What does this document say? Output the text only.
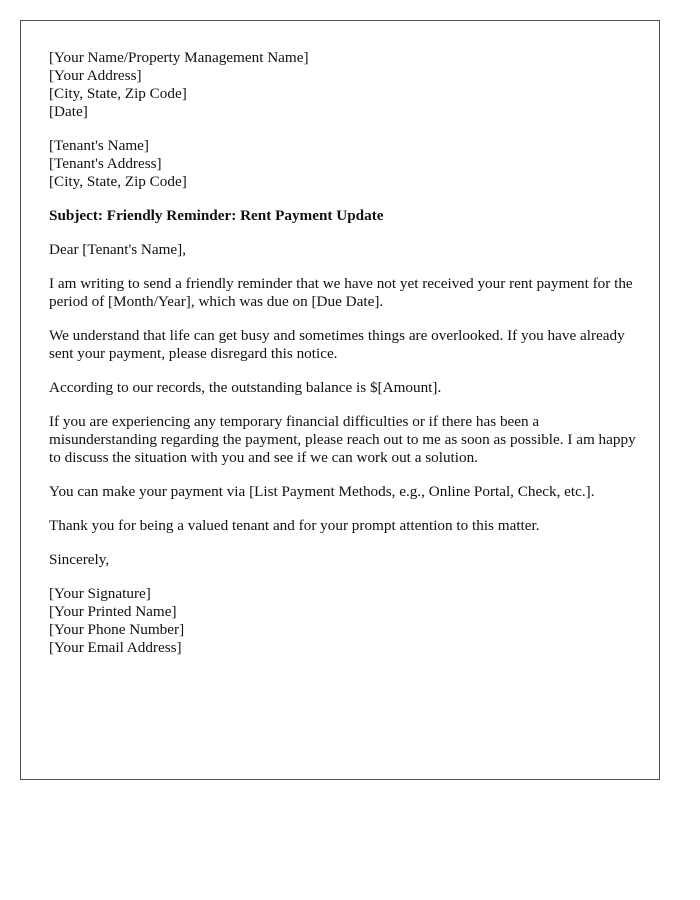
[Your Name/Property Management Name]
[Your Address]
[City, State, Zip Code]
[Date]
[Tenant's Name]
[Tenant's Address]
[City, State, Zip Code]
Subject: Friendly Reminder: Rent Payment Update

Dear [Tenant's Name],

I am writing to send a friendly reminder that we have not yet received your rent payment for the period of [Month/Year], which was due on [Due Date].

We understand that life can get busy and sometimes things are overlooked. If you have already sent your payment, please disregard this notice.

According to our records, the outstanding balance is $[Amount].

If you are experiencing any temporary financial difficulties or if there has been a misunderstanding regarding the payment, please reach out to me as soon as possible. I am happy to discuss the situation with you and see if we can work out a solution.

You can make your payment via [List Payment Methods, e.g., Online Portal, Check, etc.].

Thank you for being a valued tenant and for your prompt attention to this matter.

Sincerely,

[Your Signature]
[Your Printed Name]
[Your Phone Number]
[Your Email Address]
